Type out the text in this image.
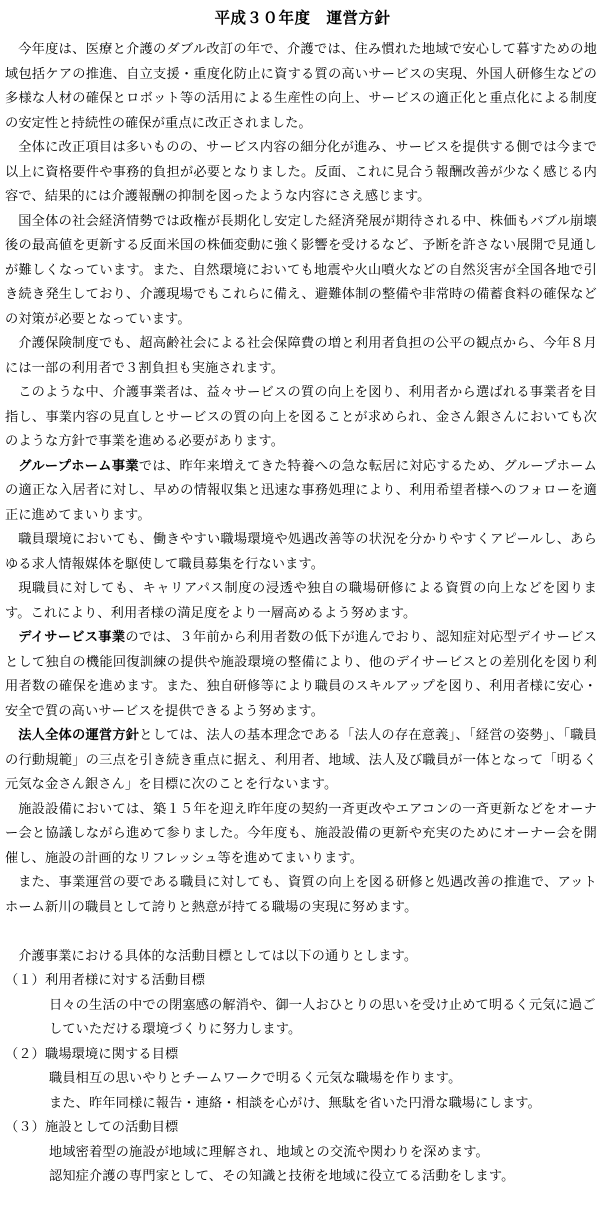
平成３０年度　運営方針

今年度は、医療と介護のダブル改訂の年で、介護では、住み慣れた地域で安心して暮すための地域包括ケアの推進、自立支援・重度化防止に資する質の高いサービスの実現、外国人研修生などの多様な人材の確保とロボット等の活用による生産性の向上、サービスの適正化と重点化による制度の安定性と持続性の確保が重点に改正されました。

全体に改正項目は多いものの、サービス内容の細分化が進み、サービスを提供する側では今まで以上に資格要件や事務的負担が必要となりました。反面、これに見合う報酬改善が少なく感じる内容で、結果的には介護報酬の抑制を図ったような内容にさえ感じます。

国全体の社会経済情勢では政権が長期化し安定した経済発展が期待される中、株価もバブル崩壊後の最高値を更新する反面米国の株価変動に強く影響を受けるなど、予断を許さない展開で見通しが難しくなっています。また、自然環境においても地震や火山噴火などの自然災害が全国各地で引き続き発生しており、介護現場でもこれらに備え、避難体制の整備や非常時の備蓄食料の確保などの対策が必要となっています。

介護保険制度でも、超高齢社会による社会保障費の増と利用者負担の公平の観点から、今年８月には一部の利用者で３割負担も実施されます。

このような中、介護事業者は、益々サービスの質の向上を図り、利用者から選ばれる事業者を目指し、事業内容の見直しとサービスの質の向上を図ることが求められ、金さん銀さんにおいても次のような方針で事業を進める必要があります。

グループホーム事業では、昨年来増えてきた特養への急な転居に対応するため、グループホームの適正な入居者に対し、早めの情報収集と迅速な事務処理により、利用希望者様へのフォローを適正に進めてまいります。

職員環境においても、働きやすい職場環境や処遇改善等の状況を分かりやすくアピールし、あらゆる求人情報媒体を駆使して職員募集を行ないます。

現職員に対しても、キャリアパス制度の浸透や独自の職場研修による資質の向上などを図ります。これにより、利用者様の満足度をより一層高めるよう努めます。

デイサービス事業のでは、３年前から利用者数の低下が進んでおり、認知症対応型デイサービスとして独自の機能回復訓練の提供や施設環境の整備により、他のデイサービスとの差別化を図り利用者数の確保を進めます。また、独自研修等により職員のスキルアップを図り、利用者様に安心・安全で質の高いサービスを提供できるよう努めます。

法人全体の運営方針としては、法人の基本理念である「法人の存在意義」、「経営の姿勢」、「職員の行動規範」の三点を引き続き重点に据え、利用者、地域、法人及び職員が一体となって「明るく元気な金さん銀さん」を目標に次のことを行ないます。

施設設備においては、築１５年を迎え昨年度の契約一斉更改やエアコンの一斉更新などをオーナー会と協議しながら進めて参りました。今年度も、施設設備の更新や充実のためにオーナー会を開催し、施設の計画的なリフレッシュ等を進めてまいります。

また、事業運営の要である職員に対しても、資質の向上を図る研修と処遇改善の推進で、アットホーム新川の職員として誇りと熱意が持てる職場の実現に努めます。

介護事業における具体的な活動目標としては以下の通りとします。

（１）利用者様に対する活動目標

日々の生活の中での閉塞感の解消や、御一人おひとりの思いを受け止めて明るく元気に過ごしていただける環境づくりに努力します。

（２）職場環境に関する目標

職員相互の思いやりとチームワークで明るく元気な職場を作ります。

また、昨年同様に報告・連絡・相談を心がけ、無駄を省いた円滑な職場にします。

（３）施設としての活動目標

地域密着型の施設が地域に理解され、地域との交流や関わりを深めます。

認知症介護の専門家として、その知識と技術を地域に役立てる活動をします。
